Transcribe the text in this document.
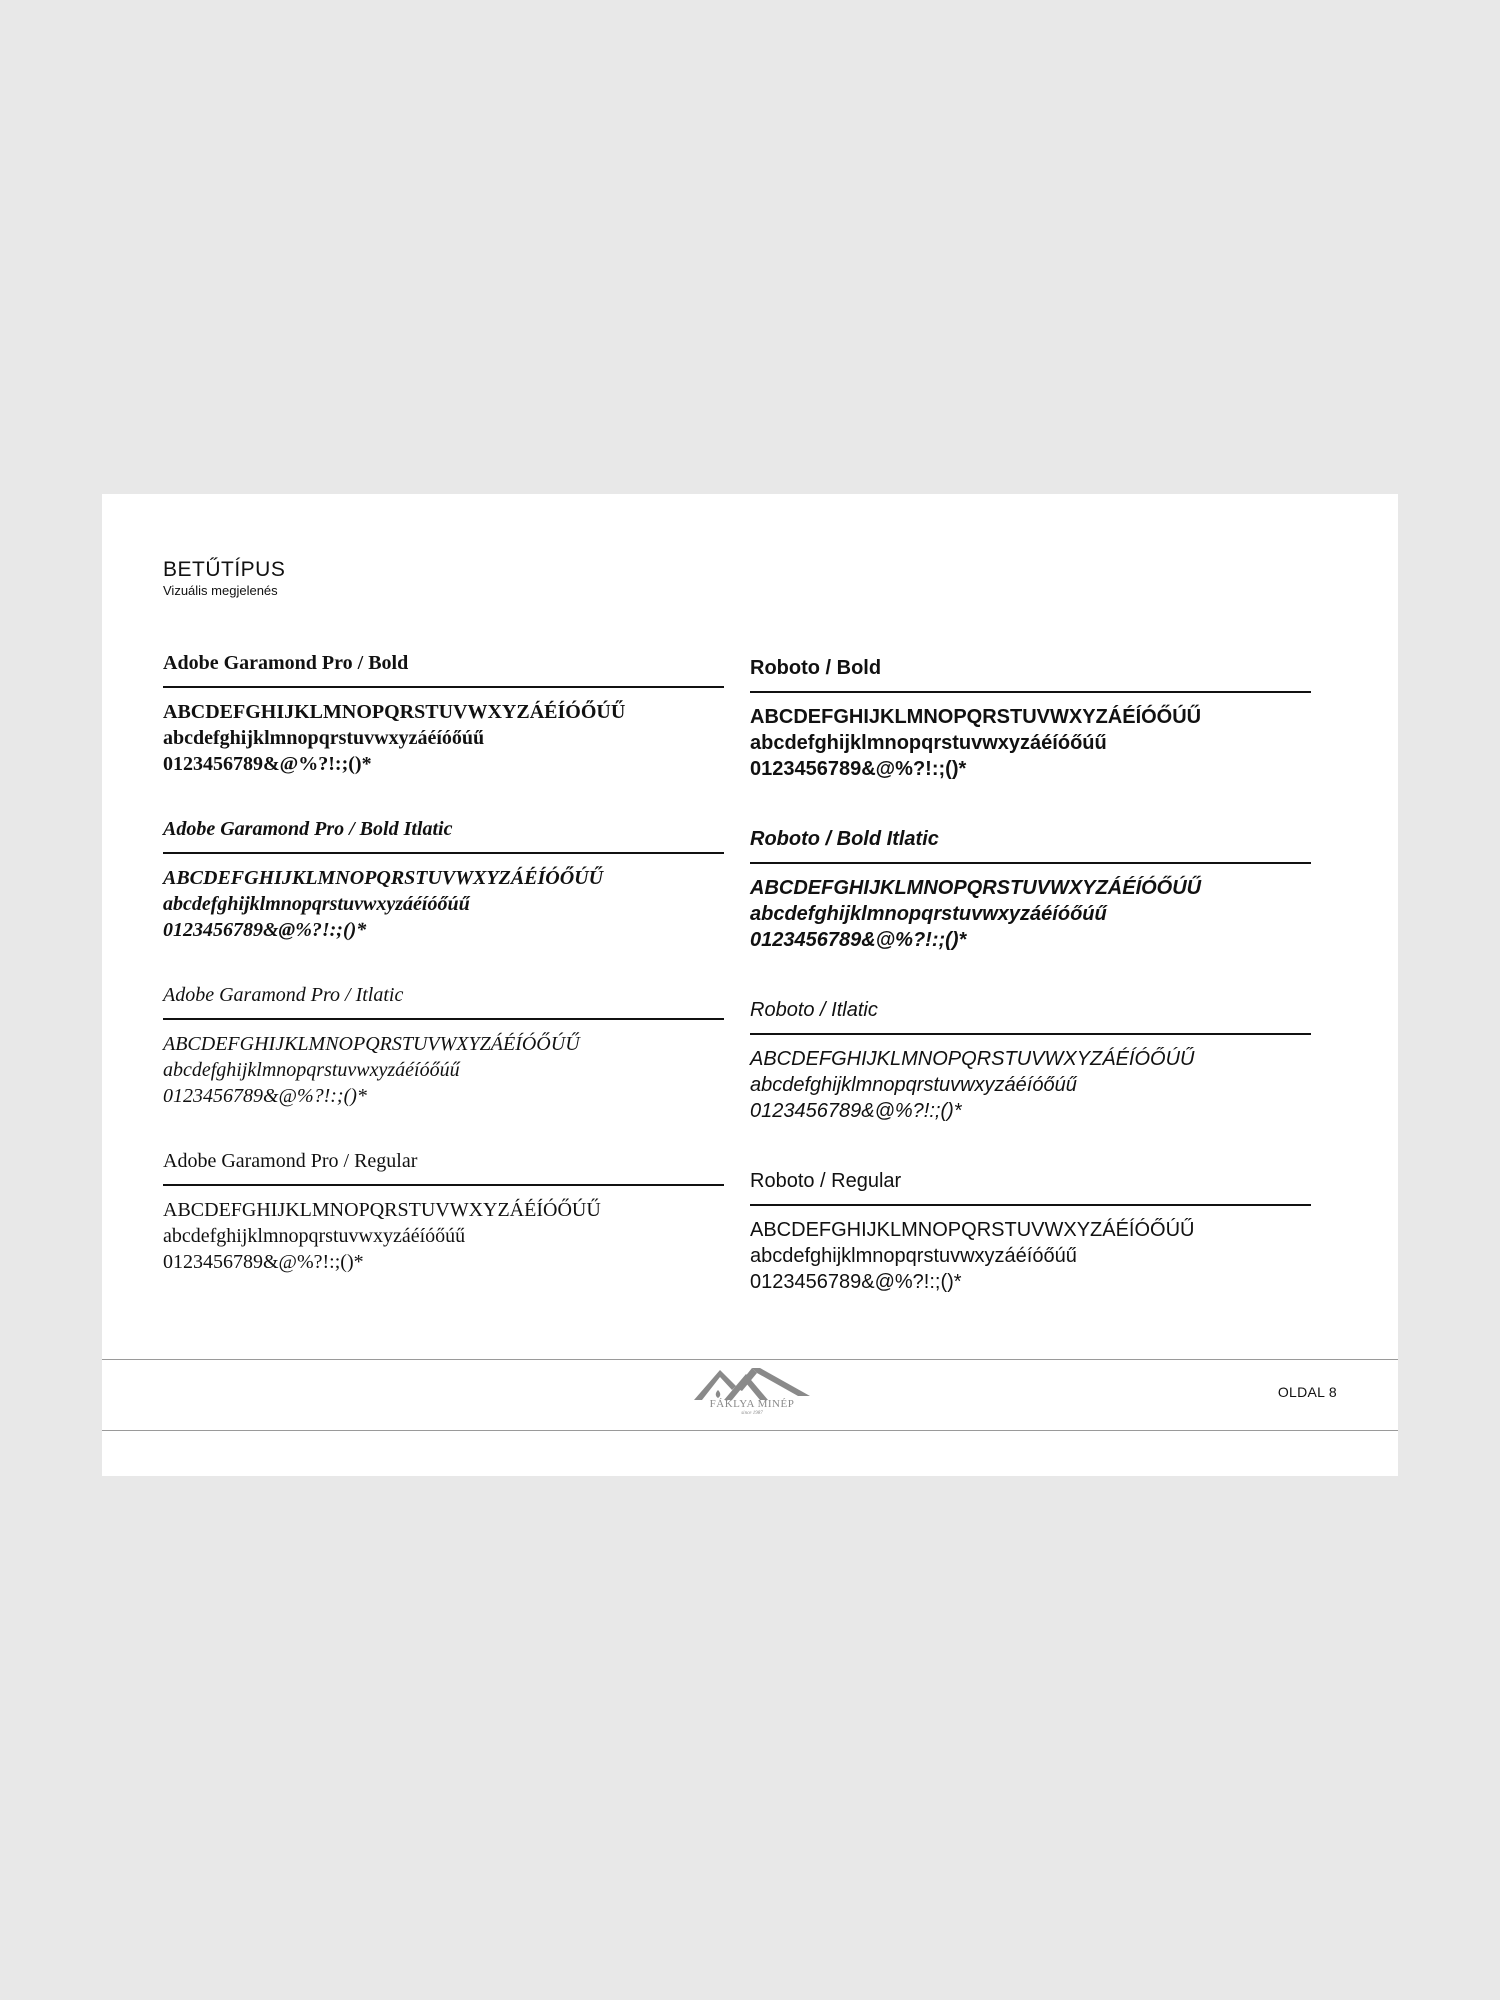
BETŰTÍPUS
Vizuális megjelenés
Adobe Garamond Pro / Bold
ABCDEFGHIJKLMNOPQRSTUVWXYZÁÉÍÓŐÚŰ
abcdefghijklmnopqrstuvwxyzáéíóőúű
0123456789&@%?!:;()*
Adobe Garamond Pro / Bold Itlatic
ABCDEFGHIJKLMNOPQRSTUVWXYZÁÉÍÓŐÚŰ
abcdefghijklmnopqrstuvwxyzáéíóőúű
0123456789&@%?!:;()*
Adobe Garamond Pro / Itlatic
ABCDEFGHIJKLMNOPQRSTUVWXYZÁÉÍÓŐÚŰ
abcdefghijklmnopqrstuvwxyzáéíóőúű
0123456789&@%?!:;()*
Adobe Garamond Pro / Regular
ABCDEFGHIJKLMNOPQRSTUVWXYZÁÉÍÓŐÚŰ
abcdefghijklmnopqrstuvwxyzáéíóőúű
0123456789&@%?!:;()*
Roboto / Bold
ABCDEFGHIJKLMNOPQRSTUVWXYZÁÉÍÓŐÚŰ
abcdefghijklmnopqrstuvwxyzáéíóőúű
0123456789&@%?!:;()*
Roboto / Bold Itlatic
ABCDEFGHIJKLMNOPQRSTUVWXYZÁÉÍÓŐÚŰ
abcdefghijklmnopqrstuvwxyzáéíóőúű
0123456789&@%?!:;()*
Roboto / Itlatic
ABCDEFGHIJKLMNOPQRSTUVWXYZÁÉÍÓŐÚŰ
abcdefghijklmnopqrstuvwxyzáéíóőúű
0123456789&@%?!:;()*
Roboto / Regular
ABCDEFGHIJKLMNOPQRSTUVWXYZÁÉÍÓŐÚŰ
abcdefghijklmnopqrstuvwxyzáéíóőúű
0123456789&@%?!:;()*
FÁKLYA MINÉP
since 1987
OLDAL 8
